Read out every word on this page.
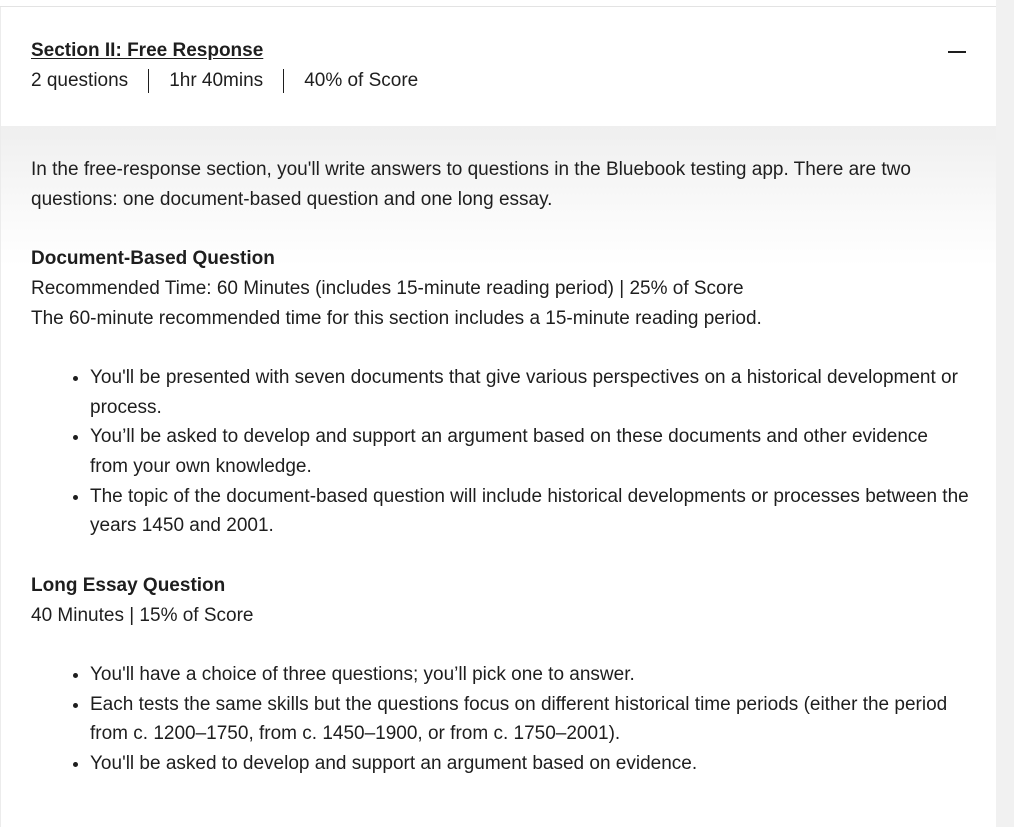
Section II: Free Response
2 questions	1hr 40mins	40% of Score

In the free-response section, you'll write answers to questions in the Bluebook testing app. There are two questions: one document-based question and one long essay.

Document-Based Question

Recommended Time: 60 Minutes (includes 15-minute reading period) | 25% of Score

The 60-minute recommended time for this section includes a 15-minute reading period.

• You'll be presented with seven documents that give various perspectives on a historical development or process.
• You’ll be asked to develop and support an argument based on these documents and other evidence from your own knowledge.
• The topic of the document-based question will include historical developments or processes between the years 1450 and 2001.
Long Essay Question

40 Minutes | 15% of Score

• You'll have a choice of three questions; you’ll pick one to answer.
• Each tests the same skills but the questions focus on different historical time periods (either the period from c. 1200–1750, from c. 1450–1900, or from c. 1750–2001).
• You'll be asked to develop and support an argument based on evidence.
